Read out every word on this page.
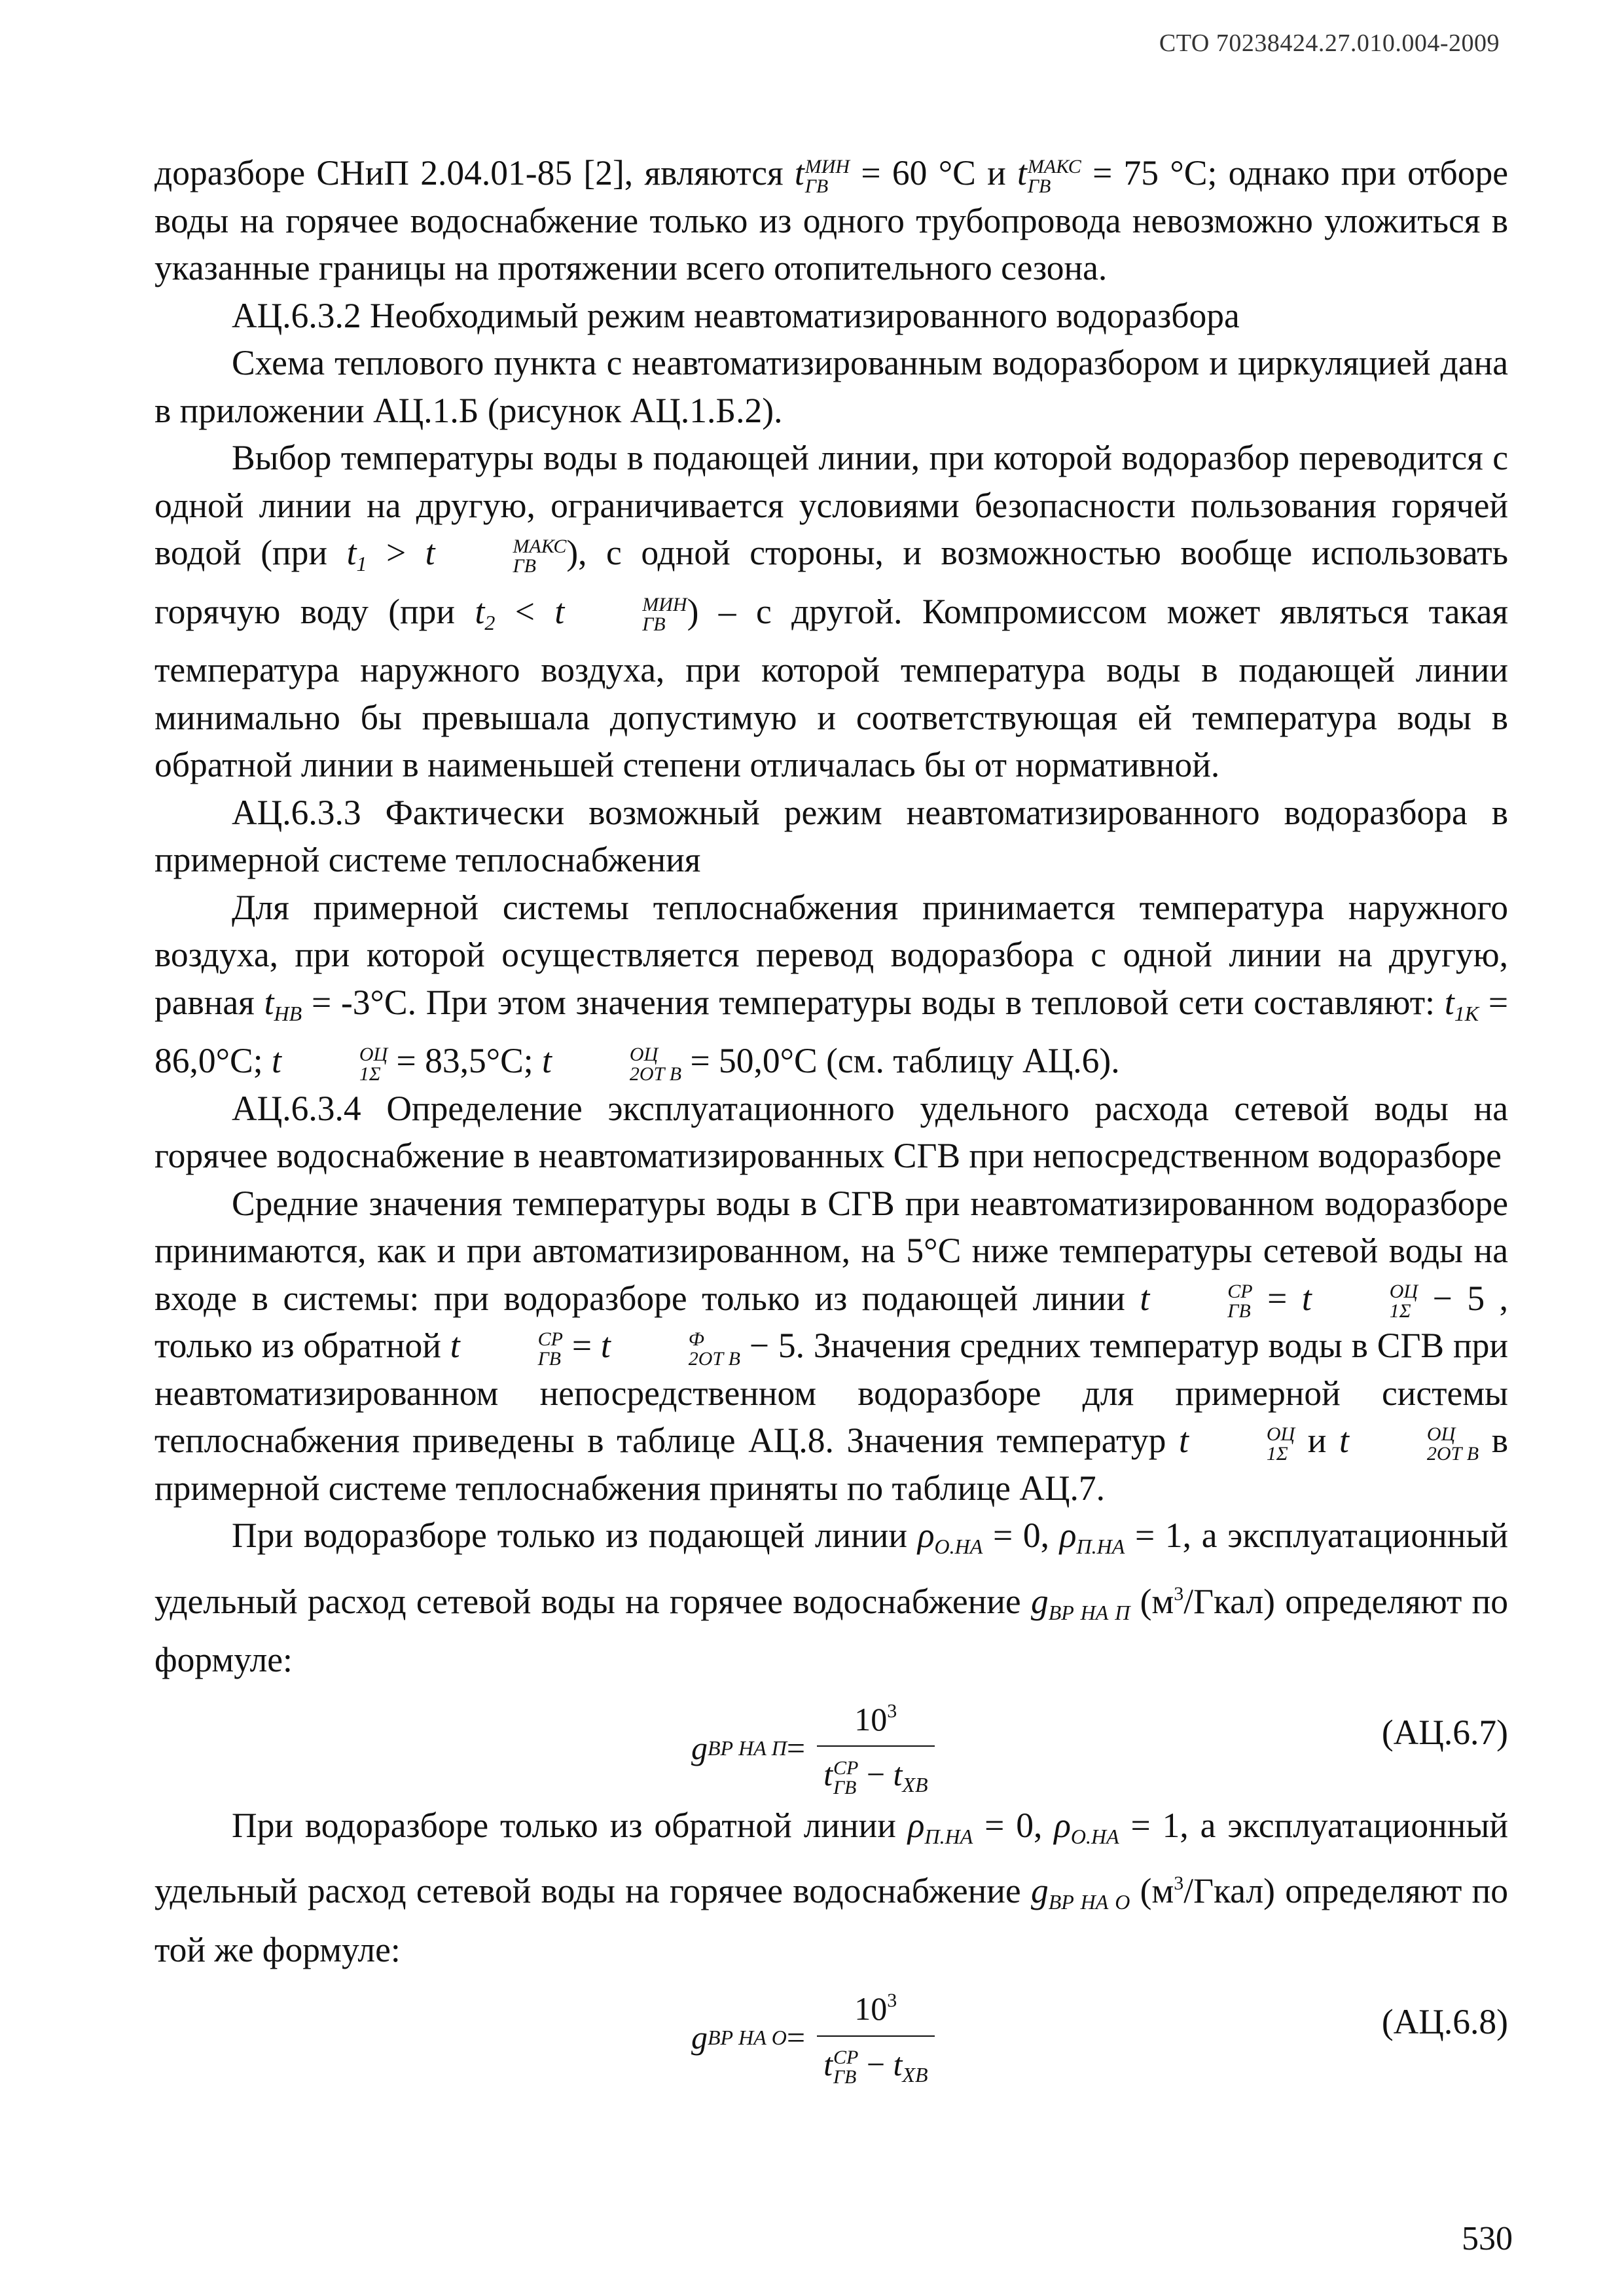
СТО 70238424.27.010.004-2009

доразборе СНиП 2.04.01-85 [2], являются t МИН
ГВ = 60 °С и t МАКС
ГВ = 75 °С; однако при отборе воды на горячее водоснабжение только из одного трубопровода невозможно уложиться в указанные границы на протяжении всего отопительного сезона.

АЦ.6.3.2 Необходимый режим неавтоматизированного водоразбора

Схема теплового пункта с неавтоматизированным водоразбором и циркуляцией дана в приложении АЦ.1.Б (рисунок АЦ.1.Б.2).

Выбор температуры воды в подающей линии, при которой водоразбор переводится с одной линии на другую, ограничивается условиями безопасности пользования горячей водой (при $t_1 > t$	МАКС
ГВ ), с одной стороны, и возможностью вообще использовать горячую воду (при $t_2 < t$	МИН
ГВ ) – с другой. Компромиссом может являться такая температура наружного воздуха, при которой температура воды в подающей линии минимально бы превышала допустимую и соответствующая ей температура воды в обратной линии в наименьшей степени отличалась бы от нормативной.

АЦ.6.3.3 Фактически возможный режим неавтоматизированного водоразбора в примерной системе теплоснабжения

Для примерной системы теплоснабжения принимается температура наружного воздуха, при которой осуществляется перевод водоразбора с одной линии на другую, равная $t_{НВ} = -3^\circ С$. При этом значения температуры воды в тепловой сети составляют: $t_{1К} = 86,0^\circ С$; t	ОЦ
1Σ = 83,5°С; t	ОЦ
2ОТ В = 50,0°С (см. таблицу АЦ.6).

АЦ.6.3.4 Определение эксплуатационного удельного расхода сетевой воды на горячее водоснабжение в неавтоматизированных СГВ при непосредственном водоразборе

Средние значения температуры воды в СГВ при неавтоматизированном водоразборе принимаются, как и при автоматизированном, на 5°С ниже температуры сетевой воды на входе в системы: при водоразборе только из подающей линии t	СР
ГВ = t	ОЦ
1Σ − 5 , только из обратной t	СР
ГВ = t	Ф
2ОТ В − 5. Значения средних температур воды в СГВ при неавтоматизированном непосредственном водоразборе для примерной системы теплоснабжения приведены в таблице АЦ.8. Значения температур t	ОЦ
1Σ и t	ОЦ
2ОТ В в примерной системе теплоснабжения приняты по таблице АЦ.7.

При водоразборе только из подающей линии $\rho_{О.НА} = 0$, $\rho_{П.НА} = 1$, а эксплуатационный удельный расход сетевой воды на горячее водоснабжение $g_{ВР НА П}$ $(м^3/Гкал)$ определяют по формуле:

g ВР НА $П = 10^3$
t СР
ГВ − $t_{ХВ}$	(АЦ.6.7)

При водоразборе только из обратной линии $\rho_{П.НА} = 0$, $\rho_{О.НА} = 1$, а эксплуатационный удельный расход сетевой воды на горячее водоснабжение $g_{ВР НА О}$ $(м^3/Гкал)$ определяют по той же формуле:

g ВР НА $О = 10^3$
t СР
ГВ − $t_{ХВ}$	(АЦ.6.8)
530
